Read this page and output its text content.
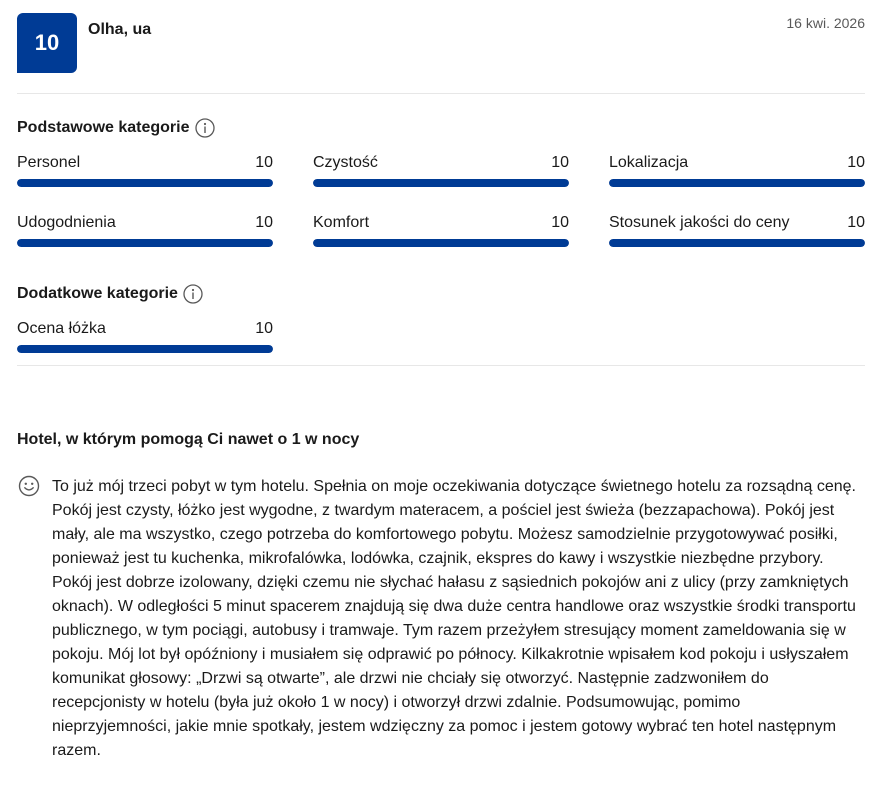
10
Olha, ua	16 kwi. 2026
Podstawowe kategorie
Personel	10	Czystość	10	Lokalizacja	10
Udogodnienia	10	Komfort	10	Stosunek jakości do ceny	10
Dodatkowe kategorie
Ocena łóżka	10
Hotel, w którym pomogą Ci nawet o 1 w nocy
To już mój trzeci pobyt w tym hotelu. Spełnia on moje oczekiwania dotyczące świetnego hotelu za rozsądną cenę. Pokój jest czysty, łóżko jest wygodne, z twardym materacem, a pościel jest świeża (bezzapachowa). Pokój jest mały, ale ma wszystko, czego potrzeba do komfortowego pobytu. Możesz samodzielnie przygotowywać posiłki, ponieważ jest tu kuchenka, mikrofalówka, lodówka, czajnik, ekspres do kawy i wszystkie niezbędne przybory. Pokój jest dobrze izolowany, dzięki czemu nie słychać hałasu z sąsiednich pokojów ani z ulicy (przy zamkniętych oknach). W odległości 5 minut spacerem znajdują się dwa duże centra handlowe oraz wszystkie środki transportu publicznego, w tym pociągi, autobusy i tramwaje. Tym razem przeżyłem stresujący moment zameldowania się w pokoju. Mój lot był opóźniony i musiałem się odprawić po północy. Kilkakrotnie wpisałem kod pokoju i usłyszałem komunikat głosowy: „Drzwi są otwarte”, ale drzwi nie chciały się otworzyć. Następnie zadzwoniłem do recepcjonisty w hotelu (była już około 1 w nocy) i otworzył drzwi zdalnie. Podsumowując, pomimo nieprzyjemności, jakie mnie spotkały, jestem wdzięczny za pomoc i jestem gotowy wybrać ten hotel następnym razem.
